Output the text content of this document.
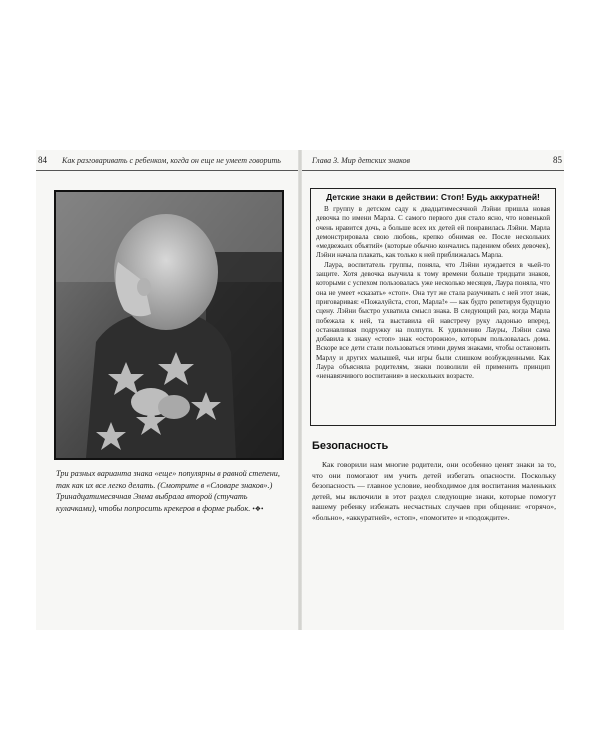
84 Как разговаривать с ребенком, когда он еще не умеет говорить

Три разных варианта знака «еще» популярны в равной степени, так как их все легко делать. (Смотрите в «Словаре знаков».) Тринадцатимесячная Эмма выбрала второй (стучать кулачками), чтобы попросить крекеров в форме рыбок. •❖•

Глава 3. Мир детских знаков	85
Детские знаки в действии: Стоп! Будь аккуратней!

В группу в детском саду к двадцатимесячной Лэйни пришла новая девочка по имени Марла. С самого первого дня стало ясно, что новенькой очень нравится дочь, а больше всех их детей ей понравилась Лэйни. Марла демонстрировала свою любовь, крепко обнимая ее. После нескольких «медвежьих объятий» (которые обычно кончались падением обеих девочек), Лэйни начала плакать, как только к ней приближалась Марла.

Лаура, воспитатель группы, поняла, что Лэйни нуждается в чьей-то защите. Хотя девочка выучила к тому времени больше тридцати знаков, которыми с успехом пользовалась уже несколько месяцев, Лаура поняла, что она не умеет «сказать» «стоп». Она тут же стала разучивать с ней этот знак, приговаривая: «Пожалуйста, стоп, Марла!» — как будто репетируя будущую сцену. Лэйни быстро ухватила смысл знака. В следующий раз, когда Марла побежала к ней, та выставила ей навстречу руку ладонью вперед, останавливая подружку на полпути. К удивлению Лауры, Лэйни сама добавила к знаку «стоп» знак «осторожно», которым пользовалась дома. Вскоре все дети стали пользоваться этими двумя знаками, чтобы остановить Марлу и других малышей, чьи игры были слишком возбужденными. Как Лаура объясняла родителям, знаки позволили ей применить принцип «ненавязчивого воспитания» в нескольких возрасте.

Безопасность

Как говорили нам многие родители, они особенно ценят знаки за то, что они помогают им учить детей избегать опасности. Поскольку безопасность — главное условие, необходимое для воспитания маленьких детей, мы включили в этот раздел следующие знаки, которые помогут вашему ребенку избежать несчастных случаев при общении: «горячо», «больно», «аккуратней», «стоп», «помогите» и «подождите».
